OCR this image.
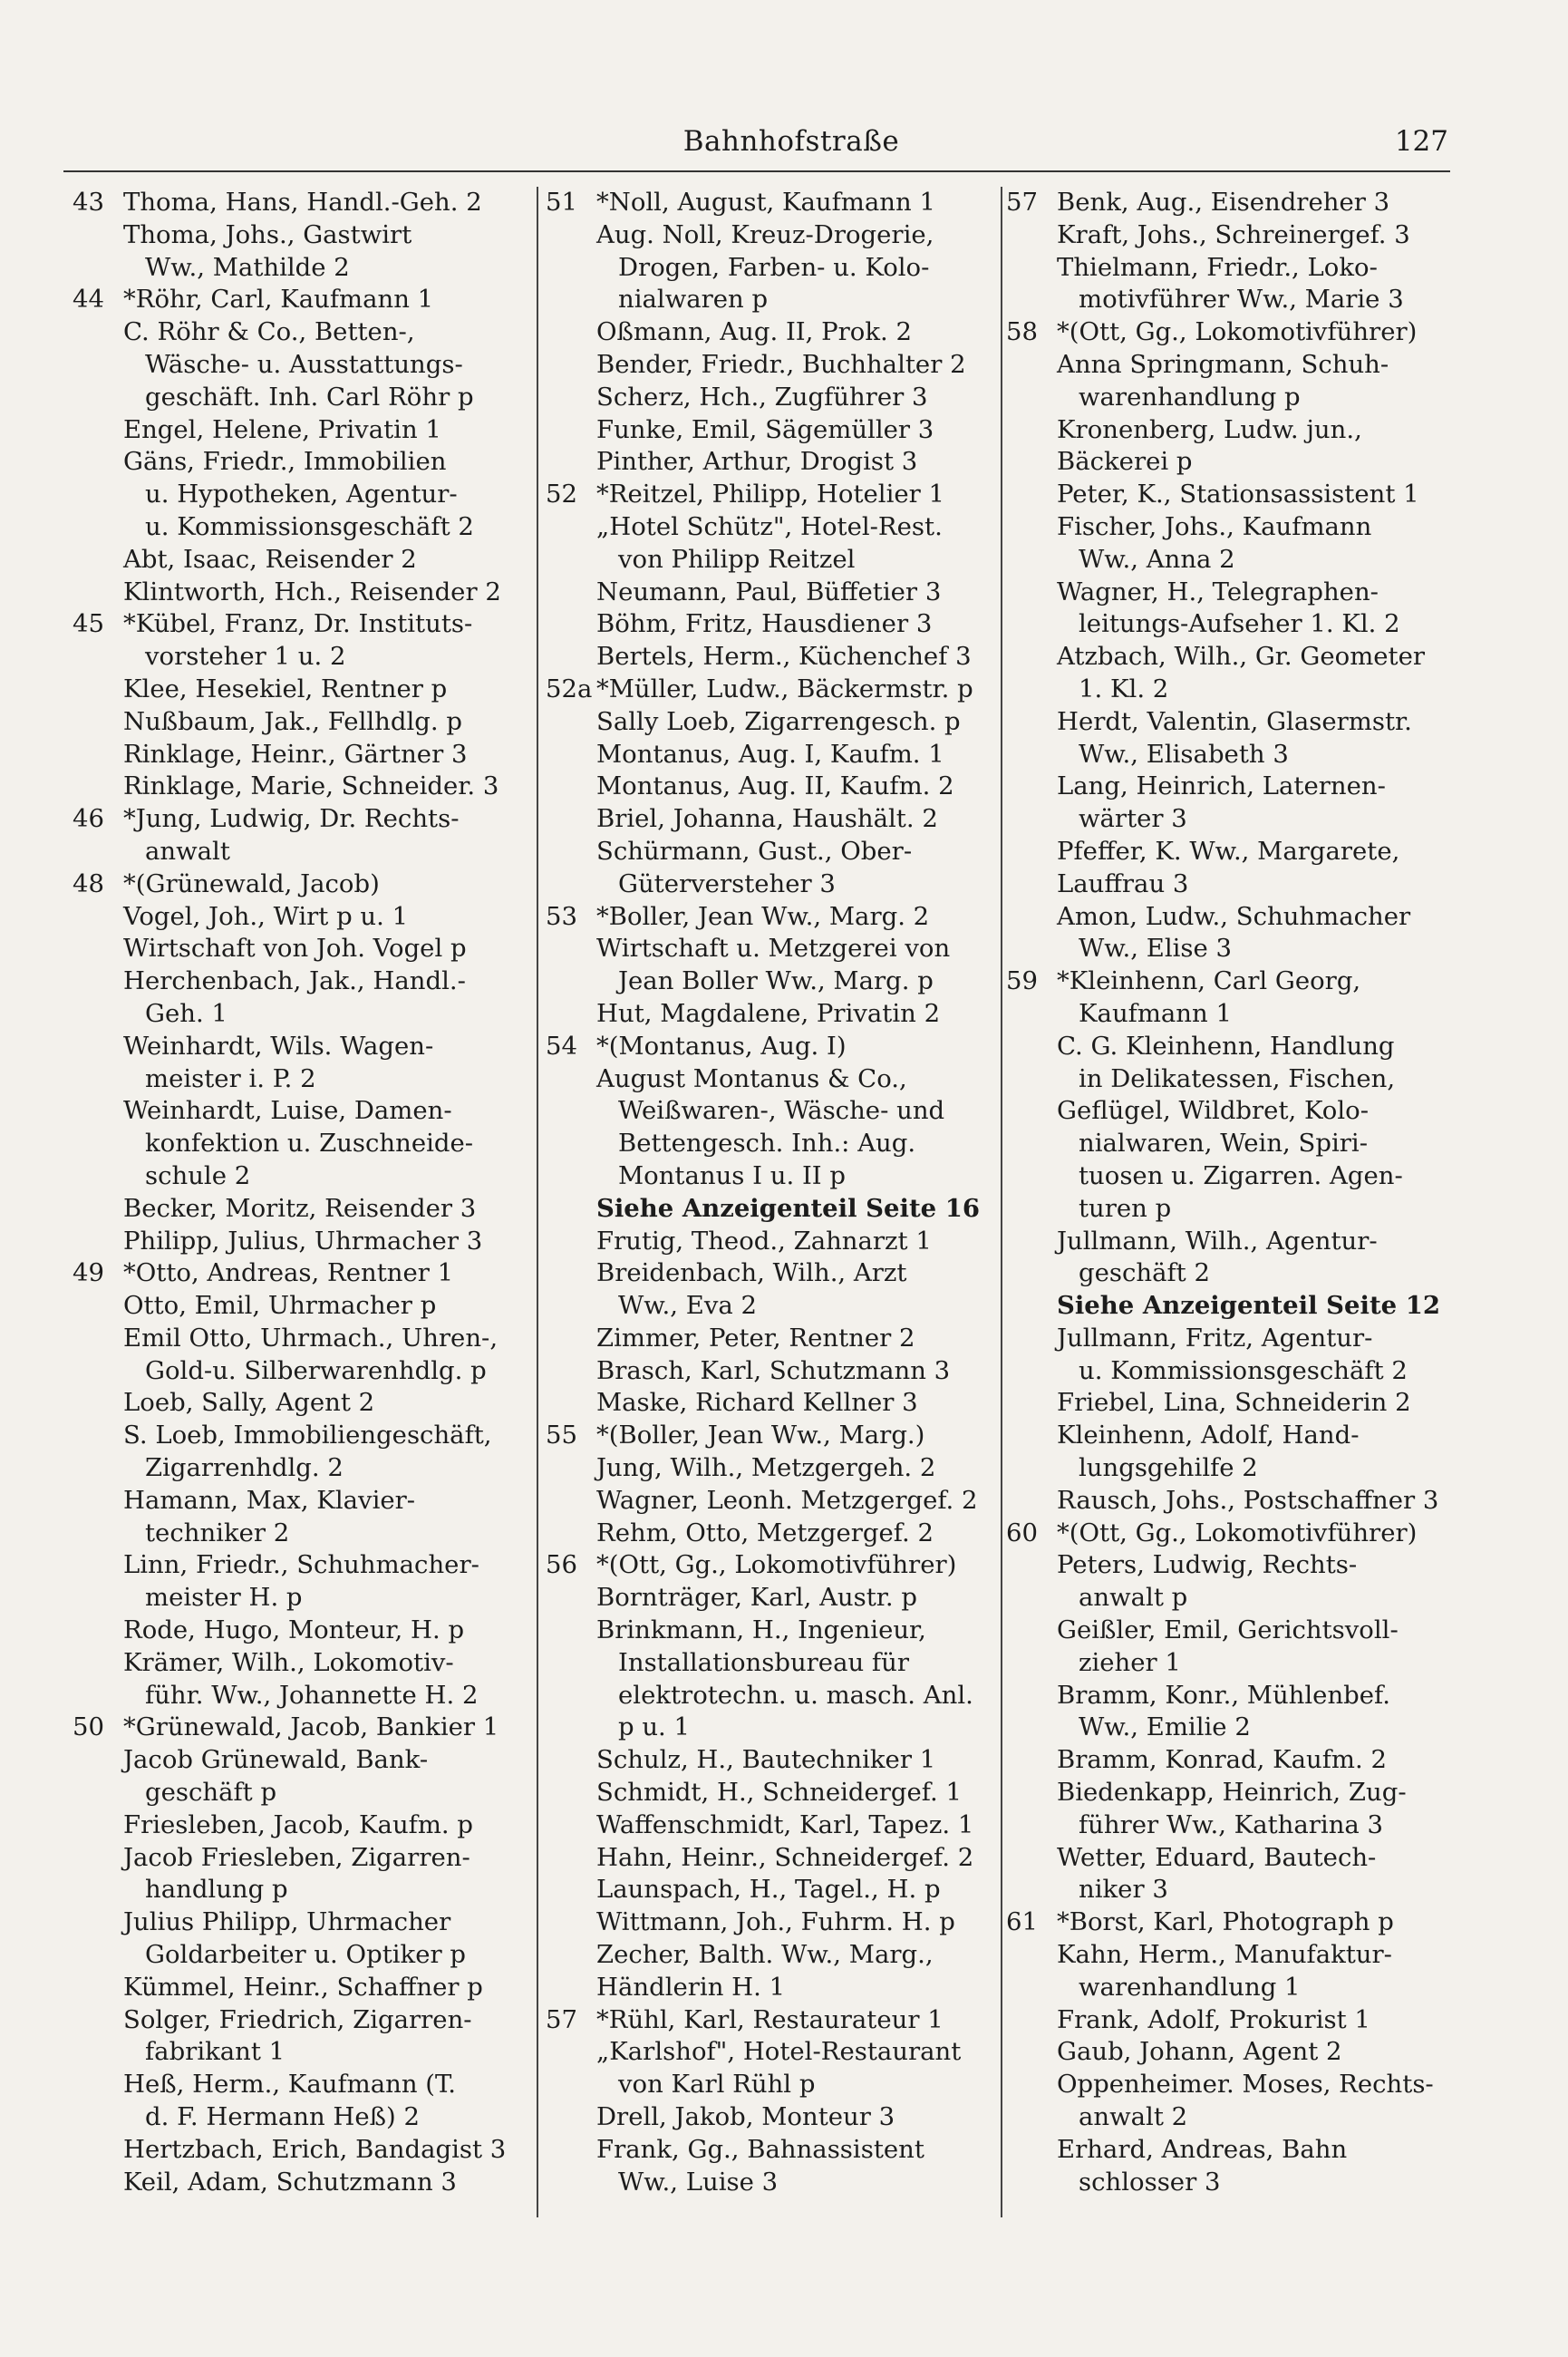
Bahnhofstraße	127
43 Thoma, Hans, Handl.-Geh. 2
Thoma, Johs., Gastwirt
Ww., Mathilde 2
44 *Röhr, Carl, Kaufmann 1
C. Röhr & Co., Betten-,
Wäsche- u. Ausstattungs-
geschäft. Inh. Carl Röhr p
Engel, Helene, Privatin 1
Gäns, Friedr., Immobilien
u. Hypotheken, Agentur-
u. Kommissionsgeschäft 2
Abt, Isaac, Reisender 2
Klintworth, Hch., Reisender 2
45 *Kübel, Franz, Dr. Instituts-
vorsteher 1 u. 2
Klee, Hesekiel, Rentner p
Nußbaum, Jak., Fellhdlg. p
Rinklage, Heinr., Gärtner 3
Rinklage, Marie, Schneider. 3
46 *Jung, Ludwig, Dr. Rechts-
anwalt
48 *(Grünewald, Jacob)
Vogel, Joh., Wirt p u. 1
Wirtschaft von Joh. Vogel p
Herchenbach, Jak., Handl.-
Geh. 1
Weinhardt, Wils. Wagen-
meister i. P. 2
Weinhardt, Luise, Damen-
konfektion u. Zuschneide-
schule 2
Becker, Moritz, Reisender 3
Philipp, Julius, Uhrmacher 3
49 *Otto, Andreas, Rentner 1
Otto, Emil, Uhrmacher p
Emil Otto, Uhrmach., Uhren-,
Gold-u. Silberwarenhdlg. p
Loeb, Sally, Agent 2
S. Loeb, Immobiliengeschäft,
Zigarrenhdlg. 2
Hamann, Max, Klavier-
techniker 2
Linn, Friedr., Schuhmacher-
meister H. p
Rode, Hugo, Monteur, H. p
Krämer, Wilh., Lokomotiv-
führ. Ww., Johannette H. 2
50 *Grünewald, Jacob, Bankier 1
Jacob Grünewald, Bank-
geschäft p
Friesleben, Jacob, Kaufm. p
Jacob Friesleben, Zigarren-
handlung p
Julius Philipp, Uhrmacher
Goldarbeiter u. Optiker p
Kümmel, Heinr., Schaffner p
Solger, Friedrich, Zigarren-
fabrikant 1
Heß, Herm., Kaufmann (T.
d. F. Hermann Heß) 2
Hertzbach, Erich, Bandagist 3
Keil, Adam, Schutzmann 3
51 *Noll, August, Kaufmann 1
Aug. Noll, Kreuz-Drogerie,
Drogen, Farben- u. Kolo-
nialwaren p
Oßmann, Aug. II, Prok. 2
Bender, Friedr., Buchhalter 2
Scherz, Hch., Zugführer 3
Funke, Emil, Sägemüller 3
Pinther, Arthur, Drogist 3
52 *Reitzel, Philipp, Hotelier 1
„Hotel Schütz", Hotel-Rest.
von Philipp Reitzel
Neumann, Paul, Büffetier 3
Böhm, Fritz, Hausdiener 3
Bertels, Herm., Küchenchef 3
52a *Müller, Ludw., Bäckermstr. p
Sally Loeb, Zigarrengesch. p
Montanus, Aug. I, Kaufm. 1
Montanus, Aug. II, Kaufm. 2
Briel, Johanna, Haushält. 2
Schürmann, Gust., Ober-
Güterversteher 3
53 *Boller, Jean Ww., Marg. 2
Wirtschaft u. Metzgerei von
Jean Boller Ww., Marg. p
Hut, Magdalene, Privatin 2
54 *(Montanus, Aug. I)
August Montanus & Co.,
Weißwaren-, Wäsche- und
Bettengesch. Inh.: Aug.
Montanus I u. II p
Siehe Anzeigenteil Seite 16
Frutig, Theod., Zahnarzt 1
Breidenbach, Wilh., Arzt
Ww., Eva 2
Zimmer, Peter, Rentner 2
Brasch, Karl, Schutzmann 3
Maske, Richard Kellner 3
55 *(Boller, Jean Ww., Marg.)
Jung, Wilh., Metzgergeh. 2
Wagner, Leonh. Metzgergef. 2
Rehm, Otto, Metzgergef. 2
56 *(Ott, Gg., Lokomotivführer)
Bornträger, Karl, Austr. p
Brinkmann, H., Ingenieur,
Installationsbureau für
elektrotechn. u. masch. Anl.
p u. 1
Schulz, H., Bautechniker 1
Schmidt, H., Schneidergef. 1
Waffenschmidt, Karl, Tapez. 1
Hahn, Heinr., Schneidergef. 2
Launspach, H., Tagel., H. p
Wittmann, Joh., Fuhrm. H. p
Zecher, Balth. Ww., Marg.,
Händlerin H. 1
57 *Rühl, Karl, Restaurateur 1
„Karlshof", Hotel-Restaurant
von Karl Rühl p
Drell, Jakob, Monteur 3
Frank, Gg., Bahnassistent
Ww., Luise 3
57 Benk, Aug., Eisendreher 3
Kraft, Johs., Schreinergef. 3
Thielmann, Friedr., Loko-
motivführer Ww., Marie 3
58 *(Ott, Gg., Lokomotivführer)
Anna Springmann, Schuh-
warenhandlung p
Kronenberg, Ludw. jun.,
Bäckerei p
Peter, K., Stationsassistent 1
Fischer, Johs., Kaufmann
Ww., Anna 2
Wagner, H., Telegraphen-
leitungs-Aufseher 1. Kl. 2
Atzbach, Wilh., Gr. Geometer
1. Kl. 2
Herdt, Valentin, Glasermstr.
Ww., Elisabeth 3
Lang, Heinrich, Laternen-
wärter 3
Pfeffer, K. Ww., Margarete,
Lauffrau 3
Amon, Ludw., Schuhmacher
Ww., Elise 3
59 *Kleinhenn, Carl Georg,
Kaufmann 1
C. G. Kleinhenn, Handlung
in Delikatessen, Fischen,
Geflügel, Wildbret, Kolo-
nialwaren, Wein, Spiri-
tuosen u. Zigarren. Agen-
turen p
Jullmann, Wilh., Agentur-
geschäft 2
Siehe Anzeigenteil Seite 12
Jullmann, Fritz, Agentur-
u. Kommissionsgeschäft 2
Friebel, Lina, Schneiderin 2
Kleinhenn, Adolf, Hand-
lungsgehilfe 2
Rausch, Johs., Postschaffner 3
60 *(Ott, Gg., Lokomotivführer)
Peters, Ludwig, Rechts-
anwalt p
Geißler, Emil, Gerichtsvoll-
zieher 1
Bramm, Konr., Mühlenbef.
Ww., Emilie 2
Bramm, Konrad, Kaufm. 2
Biedenkapp, Heinrich, Zug-
führer Ww., Katharina 3
Wetter, Eduard, Bautech-
niker 3
61 *Borst, Karl, Photograph p
Kahn, Herm., Manufaktur-
warenhandlung 1
Frank, Adolf, Prokurist 1
Gaub, Johann, Agent 2
Oppenheimer. Moses, Rechts-
anwalt 2
Erhard, Andreas, Bahn
schlosser 3
